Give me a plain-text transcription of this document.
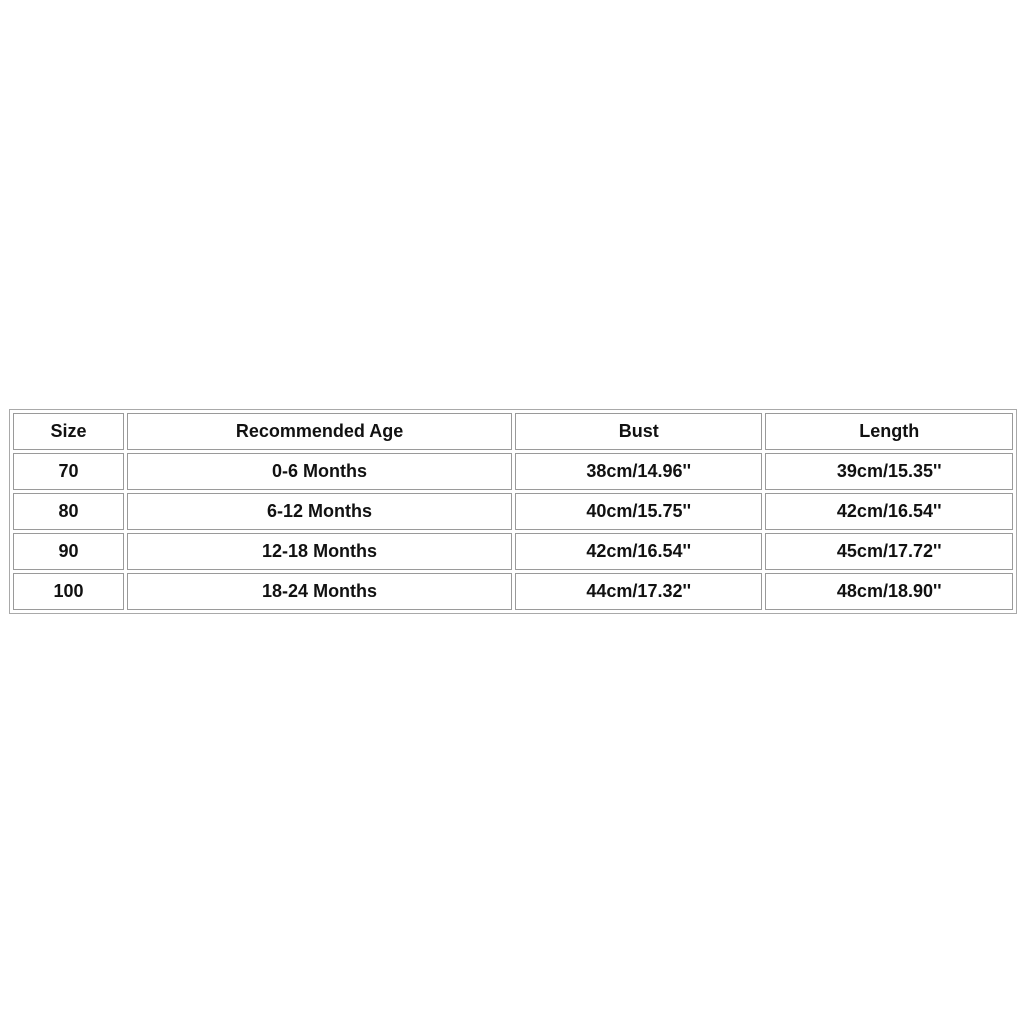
Size	Recommended Age	Bust	Length
70	0-6 Months	38cm/14.96''	39cm/15.35''
80	6-12 Months	40cm/15.75''	42cm/16.54''
90	12-18 Months	42cm/16.54''	45cm/17.72''
100	18-24 Months	44cm/17.32''	48cm/18.90''
